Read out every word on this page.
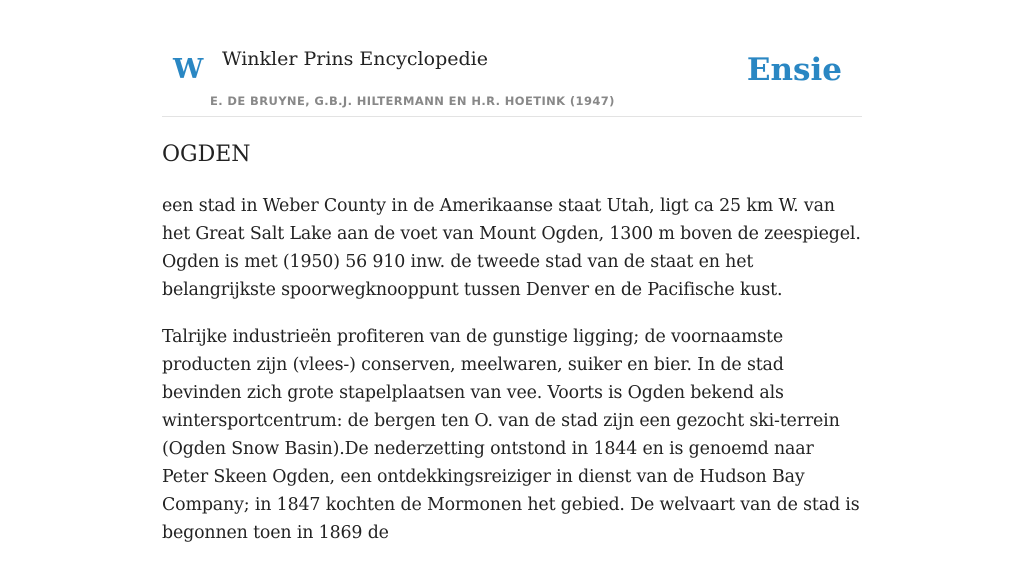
W Winkler Prins Encyclopedie	Ensie
E. DE BRUYNE, G.B.J. HILTERMANN EN H.R. HOETINK (1947)
OGDEN

een stad in Weber County in de Amerikaanse staat Utah, ligt ca 25 km W. van het Great Salt Lake aan de voet van Mount Ogden, 1300 m boven de zeespiegel. Ogden is met (1950) 56 910 inw. de tweede stad van de staat en het belangrijkste spoorwegknooppunt tussen Denver en de Pacifische kust.

Talrijke industrieën profiteren van de gunstige ligging; de voornaamste producten zijn (vlees-) conserven, meelwaren, suiker en bier. In de stad bevinden zich grote stapelplaatsen van vee. Voorts is Ogden bekend als wintersportcentrum: de bergen ten O. van de stad zijn een gezocht ski-terrein (Ogden Snow Basin).De nederzetting ontstond in 1844 en is genoemd naar Peter Skeen Ogden, een ontdekkingsreiziger in dienst van de Hudson Bay Company; in 1847 kochten de Mormonen het gebied. De welvaart van de stad is begonnen toen in 1869 de
